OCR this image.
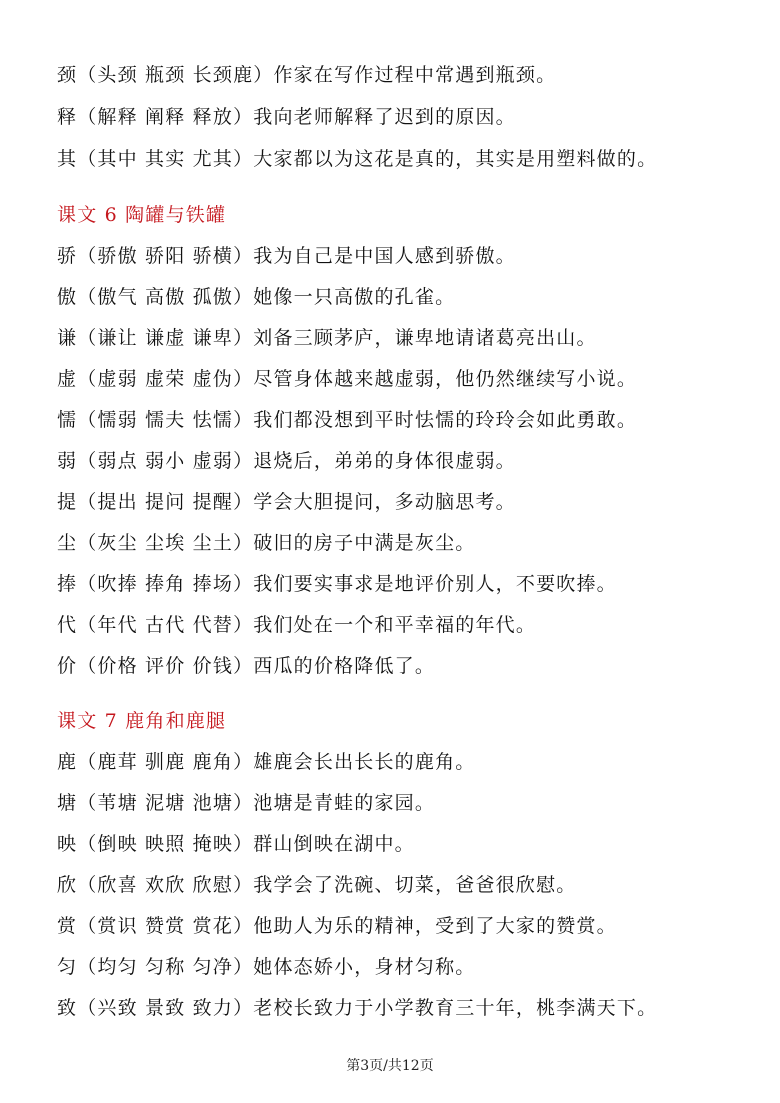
颈（头颈 瓶颈 长颈鹿）作家在写作过程中常遇到瓶颈。
释（解释 阐释 释放）我向老师解释了迟到的原因。
其（其中 其实 尤其）大家都以为这花是真的，其实是用塑料做的。
课文 6 陶罐与铁罐
骄（骄傲 骄阳 骄横）我为自己是中国人感到骄傲。
傲（傲气 高傲 孤傲）她像一只高傲的孔雀。
谦（谦让 谦虚 谦卑）刘备三顾茅庐，谦卑地请诸葛亮出山。
虚（虚弱 虚荣 虚伪）尽管身体越来越虚弱，他仍然继续写小说。
懦（懦弱 懦夫 怯懦）我们都没想到平时怯懦的玲玲会如此勇敢。
弱（弱点 弱小 虚弱）退烧后，弟弟的身体很虚弱。
提（提出 提问 提醒）学会大胆提问，多动脑思考。
尘（灰尘 尘埃 尘土）破旧的房子中满是灰尘。
捧（吹捧 捧角 捧场）我们要实事求是地评价别人，不要吹捧。
代（年代 古代 代替）我们处在一个和平幸福的年代。
价（价格 评价 价钱）西瓜的价格降低了。
课文 7 鹿角和鹿腿
鹿（鹿茸 驯鹿 鹿角）雄鹿会长出长长的鹿角。
塘（苇塘 泥塘 池塘）池塘是青蛙的家园。
映（倒映 映照 掩映）群山倒映在湖中。
欣（欣喜 欢欣 欣慰）我学会了洗碗、切菜，爸爸很欣慰。
赏（赏识 赞赏 赏花）他助人为乐的精神，受到了大家的赞赏。
匀（均匀 匀称 匀净）她体态娇小，身材匀称。
致（兴致 景致 致力）老校长致力于小学教育三十年，桃李满天下。
第3页/共12页
